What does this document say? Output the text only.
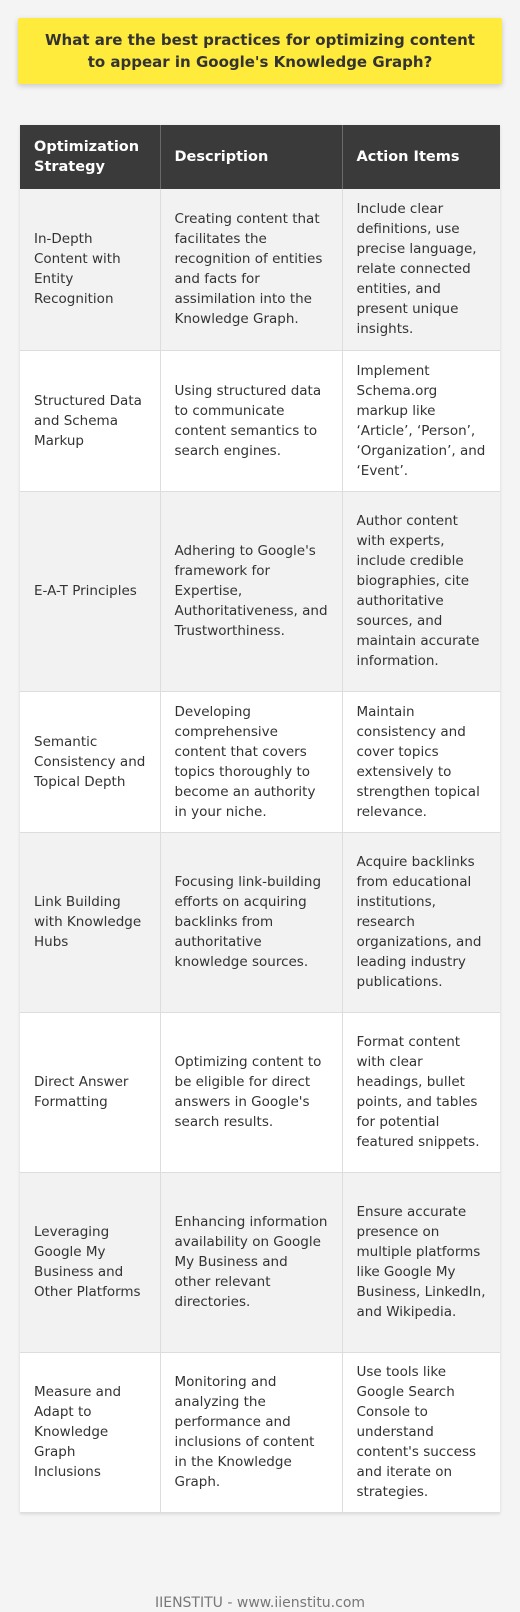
What are the best practices for optimizing content to appear in Google's Knowledge Graph?
Optimization Strategy	Description	Action Items
In-Depth Content with Entity Recognition	Creating content that facilitates the recognition of entities and facts for assimilation into the Knowledge Graph.	Include clear definitions, use precise language, relate connected entities, and present unique insights.
Structured Data and Schema Markup	Using structured data to communicate content semantics to search engines.	Implement Schema.org markup like ‘Article’, ‘Person’, ‘Organization’, and ‘Event’.
E-A-T Principles	Adhering to Google's framework for Expertise, Authoritativeness, and Trustworthiness.	Author content with experts, include credible biographies, cite authoritative sources, and maintain accurate information.
Semantic Consistency and Topical Depth	Developing comprehensive content that covers topics thoroughly to become an authority in your niche.	Maintain consistency and cover topics extensively to strengthen topical relevance.
Link Building with Knowledge Hubs	Focusing link-building efforts on acquiring backlinks from authoritative knowledge sources.	Acquire backlinks from educational institutions, research organizations, and leading industry publications.
Direct Answer Formatting	Optimizing content to be eligible for direct answers in Google's search results.	Format content with clear headings, bullet points, and tables for potential featured snippets.
Leveraging Google My Business and Other Platforms	Enhancing information availability on Google My Business and other relevant directories.	Ensure accurate presence on multiple platforms like Google My Business, LinkedIn, and Wikipedia.
Measure and Adapt to Knowledge Graph Inclusions	Monitoring and analyzing the performance and inclusions of content in the Knowledge Graph.	Use tools like Google Search Console to understand content's success and iterate on strategies.
IIENSTITU - www.iienstitu.com
